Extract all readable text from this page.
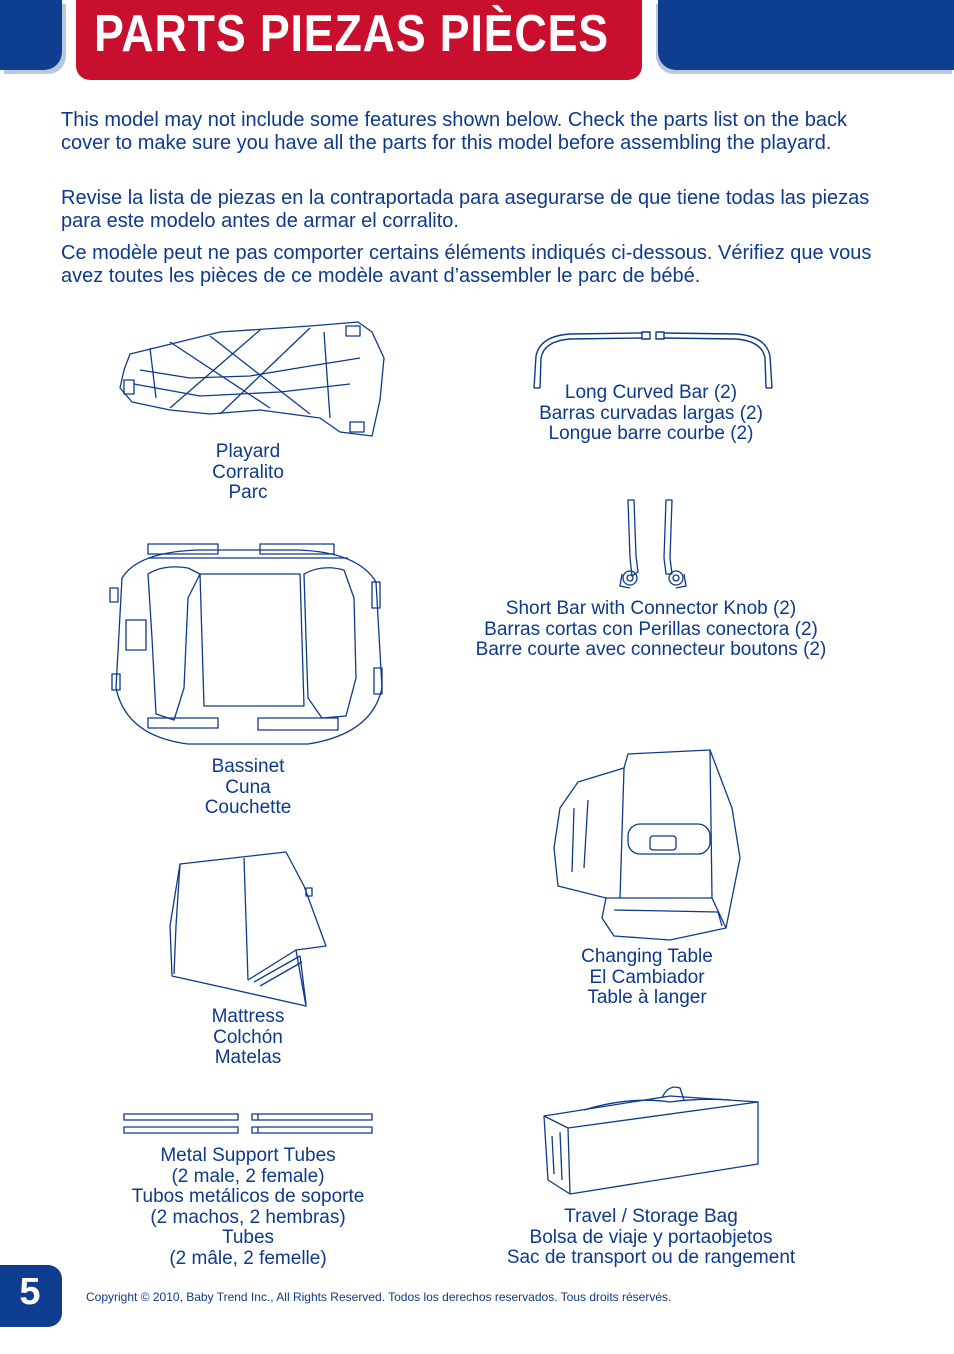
PARTS PIEZAS PIÈCES

This model may not include some features shown below. Check the parts list on the back cover to make sure you have all the parts for this model before assembling the playard.

Revise la lista de piezas en la contraportada para asegurarse de que tiene todas las piezas para este modelo antes de armar el corralito.

Ce modèle peut ne pas comporter certains éléments indiqués ci-dessous. Vérifiez que vous avez toutes les pièces de ce modèle avant d’assembler le parc de bébé.

Playard
Corralito
Parc
Long Curved Bar (2)
Barras curvadas largas (2)
Longue barre courbe (2)
Short Bar with Connector Knob (2)
Barras cortas con Perillas conectora (2)
Barre courte avec connecteur boutons (2)
Bassinet
Cuna
Couchette
Changing Table
El Cambiador
Table à langer
Mattress
Colchón
Matelas
Metal Support Tubes
(2 male, 2 female)
Tubos metálicos de soporte
(2 machos, 2 hembras)
Tubes
(2 mâle, 2 femelle)
Travel / Storage Bag
Bolsa de viaje y portaobjetos
Sac de transport ou de rangement
5	Copyright © 2010, Baby Trend Inc., All Rights Reserved. Todos los derechos reservados. Tous droits réservés.
